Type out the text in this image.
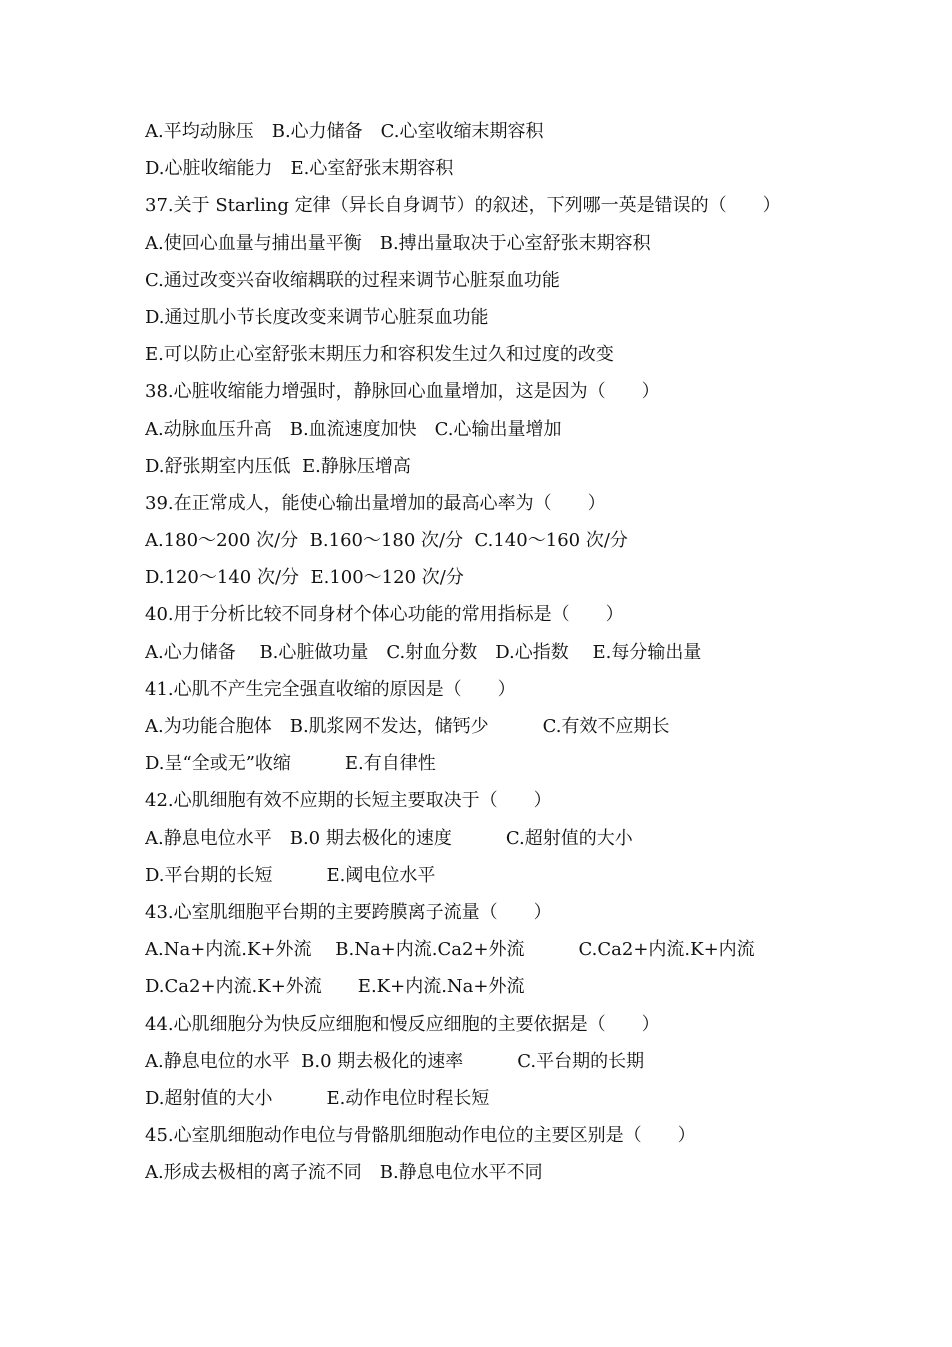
A.平均动脉压　B.心力储备　C.心室收缩末期容积
D.心脏收缩能力　E.心室舒张末期容积
37.关于 Starling 定律（异长自身调节）的叙述，下列哪一英是错误的（　　）
A.使回心血量与捕出量平衡　B.搏出量取决于心室舒张末期容积
C.通过改变兴奋收缩耦联的过程来调节心脏泵血功能
D.通过肌小节长度改变来调节心脏泵血功能
E.可以防止心室舒张末期压力和容积发生过久和过度的改变
38.心脏收缩能力增强时，静脉回心血量增加，这是因为（　　）
A.动脉血压升高　B.血流速度加快　C.心输出量增加
D.舒张期室内压低  E.静脉压增高
39.在正常成人，能使心输出量增加的最高心率为（　　）
A.180～200 次/分  B.160～180 次/分  C.140～160 次/分
D.120～140 次/分  E.100～120 次/分
40.用于分析比较不同身材个体心功能的常用指标是（　　）
A.心力储备　 B.心脏做功量　C.射血分数　D.心指数　 E.每分输出量
41.心肌不产生完全强直收缩的原因是（　　）
A.为功能合胞体　B.肌浆网不发达，储钙少　　　C.有效不应期长
D.呈“全或无”收缩　　　E.有自律性
42.心肌细胞有效不应期的长短主要取决于（　　）
A.静息电位水平　B.0 期去极化的速度　　　C.超射值的大小
D.平台期的长短　　　E.阈电位水平
43.心室肌细胞平台期的主要跨膜离子流量（　　）
A.Na+内流.K+外流　 B.Na+内流.Ca2+外流　　　C.Ca2+内流.K+内流
D.Ca2+内流.K+外流　　E.K+内流.Na+外流
44.心肌细胞分为快反应细胞和慢反应细胞的主要依据是（　　）
A.静息电位的水平  B.0 期去极化的速率　　　C.平台期的长期
D.超射值的大小　　　E.动作电位时程长短
45.心室肌细胞动作电位与骨骼肌细胞动作电位的主要区别是（　　）
A.形成去极相的离子流不同　B.静息电位水平不同
